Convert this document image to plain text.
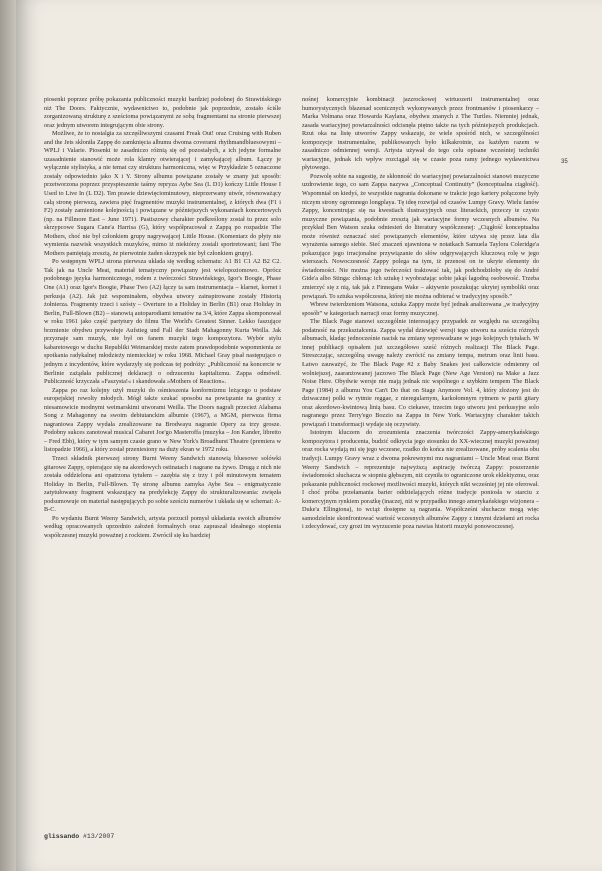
piosenki poprzez próbę pokazania publiczności muzyki bardziej podobnej do Strawińskiego niż The Doors. Faktycznie, wydawnictwo to, podobnie jak poprzednie, zostało ściśle zorganizowaną strukturę z sześcioma powiązanymi ze sobą fragmentami na stronie pierwszej oraz jednym utworem integrującym obie strony.

Możliwe, że to nostalgia za szczęśliwszymi czasami Freak Out! oraz Cruising with Ruben and the Jets skłoniła Zappę do zamknięcia albumu dwoma coverami rhythmandbluesowymi – WPLJ i Valarie. Piosenki te zasadniczo różnią się od pozostałych, a ich jedyne formalne uzasadnienie stanowić może rola klamry otwierającej i zamykającej album. Łączy je wyłącznie stylistyka, a nie temat czy struktura harmoniczna, więc w Przykładzie 5 oznaczone zostały odpowiednio jako X i Y. Strony albumu powiązane zostały w znany już sposób: przetworzona poprzez przyspieszenie taśmy repryza Aybe Sea (L D1) kończy Little House I Used to Live In (L D2). Ten prawie dziewięciominutowy, nieprzerwany utwór, równoważący całą stronę pierwszą, zawiera pięć fragmentów muzyki instrumentalnej, z których dwa (F1 i F2) zostały zamienione kolejnością i powiązane w późniejszych wykonaniach koncertowych (np. na Fillmore East – June 1971). Pastiszowy charakter podkreślony został tu przez solo skrzypcowe Sugara Cane'a Harrisa (G), który współpracował z Zappą po rozpadzie The Mothers, choć nie był członkiem grupy nagrywającej Little House. (Komentarz do płyty nie wymienia nazwisk wszystkich muzyków, mimo iż niektórzy zostali sportretowani; fani The Mothers pamiętają zresztą, że pierwotnie żaden skrzypek nie był członkiem grupy).

Po wstępnym WPLJ strona pierwsza układa się według schematu: A1 B1 C1 A2 B2 C2. Tak jak na Uncle Meat, materiał tematyczny powiązany jest wielopoziomowo. Oprócz podobnego języka harmonicznego, rodem z twórczości Strawińskiego, Igor's Boogie, Phase One (A1) oraz Igor's Boogie, Phase Two (A2) łączy ta sam instrumentacja – klarnet, kornet i perkusja (A2). Jak już wspominałem, obydwa utwory zainspirowane zostały Historią żołnierza. Fragmenty trzeci i szósty – Overture to a Holiday in Berlin (B1) oraz Holiday in Berlin, Full-Blown (B2) – stanowią autoparodiami tematów na 3/4, które Zappa skomponował w roku 1961 jako część partytury do filmu The World's Greatest Sinner. Lekko faszujące brzmienie obydwu przywołuje Aufstieg und Fall der Stadt Mahagonny Kurta Weilla. Jak przyznaje sam muzyk, nie był on fanem muzyki tego kompozytora. Wybór stylu kabaretowego w duchu Republiki Weimarskiej może zatem prawdopodobnie wspomnienia ze spotkania radykalnej młodzieży niemieckiej w roku 1968. Michael Gray pisał następująco o jednym z incydentów, które wydarzyły się podczas tej podróży: „Publiczność na koncercie w Berlinie zażądała publicznej deklaracji o odrzuceniu kapitalizmu. Zappa odmówił. Publiczność krzyczała »Faszysta!« i skandowała »Mothers of Reaction«.

Zappa po raz kolejny użył muzyki do ośmieszenia konformizmu leżącego u podstaw europejskiej rewolty młodych. Mógł także szukać sposobu na powiązanie na granicy z niesamowicie modnymi weimarskimi utworami Weilla. The Doors nagrali przecież Alabama Song z Mahagonny na swoim debiutanckim albumie (1967), a MGM, pierwsza firma nagraniowa Zappy wydała zrealizowane na Brodwayu nagranie Opery za trzy grosze. Podobny sukces zanotował musical Cabaret Joe'go Masteroffa (muzyka – Jon Kander, libretto – Fred Ebb), który w tym samym czasie grano w New York's Broadhurst Theatre (premiera w listopadzie 1966), a który został przeniesiony na duży ekran w 1972 roku.

Trzeci składnik pierwszej strony Burnt Weeny Sandwich stanowią bluesowe solówki gitarowe Zappy, opierające się na akordowych ostinatach i nagrane na żywo. Drugą z nich nie została oddzielona ani opatrzona tytułem – zazębia się z trzy i pół minutowym tematem Holiday in Berlin, Full-Blown. Tę stronę albumu zamyka Aybe Sea – enigmatycznie zatytułowany fragment wskazujący na predylekcję Zappy do strukturalizowania: zwięzła podsumowuje on materiał następujących po sobie sześciu numerów i układa się w schemat: A-B-C.

Po wydaniu Burnt Weeny Sandwich, artysta porzucił pomysł układania swoich albumów według opracowanych uprzednio założeń formalnych oraz zapraszał ideałnego stopienia współczesnej muzyki poważnej z rockiem. Zwrócił się ku bardziej

nośnej komercyjnie kombinacji jazzrockowej wirtuozerii instrumentalnej oraz humorystycznych błazenad scenicznych wykonywanych przez frontmanów i piosenkarzy – Marka Volmana oraz Howarda Kaylana, obydwu znanych z The Turtles. Niemniej jednak, zasada wariacyjnej powtarzalności odcisnęła piętno także na tych późniejszych produkcjach. Rzut oka na listę utworów Zappy wskazuje, że wiele spośród nich, w szczególności kompozycje instrumentalne, publikowanych było kilkakrotnie, za każdym razem w zasadniczo odmiennej wersji. Artysta używał do tego celu opisane wcześniej techniki wariacyjne, jednak ich wpływ rozciągał się w czasie poza ramy jednego wydawnictwa płytowego.

Pozwolę sobie na sugestię, że skłonność do wariacyjnej powtarzalności stanowi muzyczne uzdrowienie tego, co sam Zappa nazywa „Conceptual Continuity” (konceptualna ciągłość). Wspomniał on kiedyś, że wszystkie nagrania dokonane w trakcie jego kariery połączone były niczym strony ogromnego longplaya. Tę ideę rozwijał od czasów Lumpy Gravy. Wielu fanów Zappy, koncentrując się na kwestiach ilustracyjnych oraz literackich, przeczy te czysto muzyczne powiązania, podobnie zresztą jak wariacyjne formy wczesnych albumów. Na przykład Ben Watson szuka odniesień do literatury współczesnej: „Ciągłość konceptualna może również oznaczać sieć powiązanych elementów, które używa się przez lata dla wyrażenia samego siebie. Sieć znaczeń ujawniona w notatkach Samuela Taylora Coleridge'a pokazujące jego irracjonalne przywiązanie do słów odgrywających kluczową rolę w jego wierszach. Nowoczesność Zappy polega na tym, iż przenosi on te ukryte elementy do świadomości. Nie można jego twórczości traktować tak, jak podchodziłoby się do André Gide'a albo Stinga: chłonąc ich sztukę i wyobrażając sobie jakąś łagodną osobowość. Trzeba zmierzyć się z nią, tak jak z Finnegans Wake – aktywnie poszukując ukrytej symboliki oraz powiązań. To sztuka współczesna, której nie można odbierać w tradycyjny sposób.”

Wbrew twierdzeniom Watsona, sztuka Zappy może być jednak analizowana „w tradycyjny sposób” w kategoriach narracji oraz formy muzycznej.

The Black Page stanowi szczególnie interesujący przypadek ze względu na szczególną podatność na przekształcenia. Zappa wydał dziewięć wersji tego utworu na sześciu różnych albumach, kładąc jednocześnie nacisk na zmiany wprowadzane w jego kolejnych tytułach. W innej publikacji opisałem już szczegółowo sześć różnych realizacji The Black Page. Streszczając, szczególną uwagę należy zwrócić na zmiany tempa, metrum oraz linii basu. Łatwo zauważyć, że The Black Page #2 z Baby Snakes jest całkowicie odmienny od wolniejszej, zaaranżowanej jazzowo The Black Page (New Age Version) na Make a Jazz Noise Here. Obydwie wersje nie mają jednak nic wspólnego z szybkim tempem The Black Page (1984) z albumu You Can't Do that on Stage Anymore Vol. 4, który złożony jest do dziwacznej polki w rytmie reggae, z nieregularnym, karkołomnym rytmem w partii gitary oraz akordowo-kwintową linią basu. Co ciekawe, trzecim tego utworu jest perkusyjne solo nagranego przez Terry'ego Bozzio na Zappa in New York. Wariacyjny charakter takich powiązań i transformacji wydaje się oczywisty.

Istotnym kluczem do zrozumienia znaczenia twórczości Zappy-amerykańskiego kompozytora i producenta, budzić odkrycia jego stosunku do XX-wiecznej muzyki poważnej oraz rocka wydają mi się jego wczesne, rzadko do końca nie zrealizowane, próby scalenia obu tradycji. Lumpy Gravy wraz z dwoma pokrewnymi mu nagraniami – Uncle Meat oraz Burnt Weeny Sandwich – reprezentuje najwyższą aspirację twórczą Zappy: poszerzenie świadomości słuchacza w stopniu głębszym, niż czyniła to ograniczone urok eklektyzmu, oraz pokazanie publiczności rockowej możliwości muzyki, których nikt wcześniej jej nie oferował. I choć próba przełamania barier oddzielających różne tradycje poniosła w starciu z komercyjnym rynkiem porażkę (inaczej, niż w przypadku innego amerykańskiego wizjonera – Duke'a Ellingtona), to wciąż dostępne są nagrania. Współcześni słuchacze mogą więc samodzielnie skonfrontować wartość wczesnych albumów Zappy z innymi dziełami art rocka i zdecydować, czy grozi im wyrzucenie poza nawias historii muzyki ponowoczesnej.

35
glissando #13/2007
